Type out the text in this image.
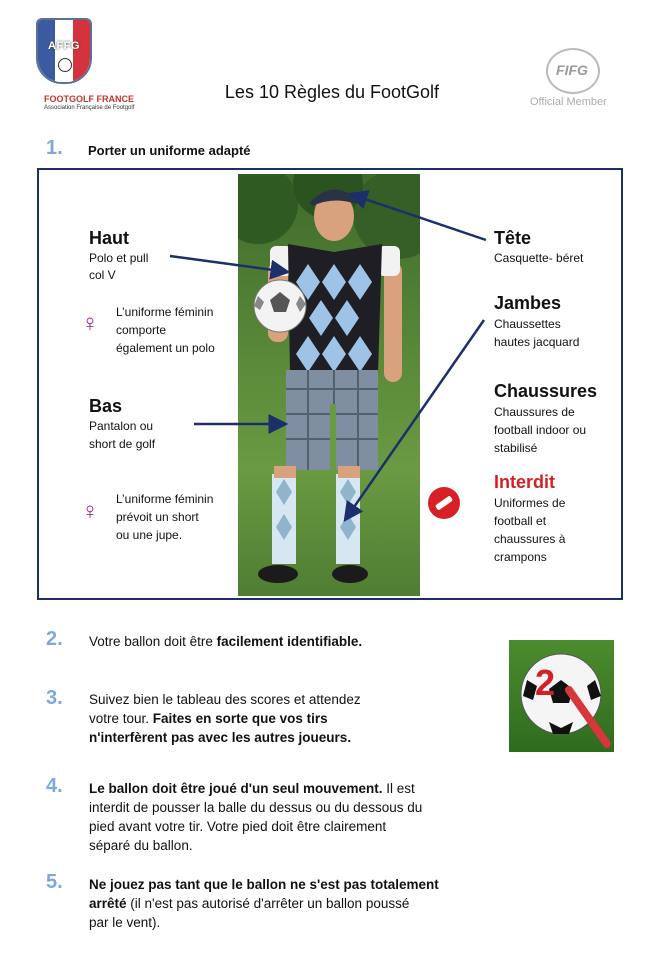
AFFG
FOOTGOLF FRANCE
Association Française de Footgolf
Les 10 Règles du FootGolf
FIFG
Official Member
1. Porter un uniforme adapté
Haut
Polo et pull
col V
♀ L’uniforme féminin
comporte
également un polo
Bas
Pantalon ou
short de golf
♀ L’uniforme féminin
prévoit un short
ou une jupe.
Tête
Casquette- béret
Jambes
Chaussettes
hautes jacquard
Chaussures
Chaussures de
football indoor ou
stabilisé
Interdit
Uniformes de
football et
chaussures à
crampons
2. Votre ballon doit être facilement identifiable.
2
3. Suivez bien le tableau des scores et attendez
votre tour. Faites en sorte que vos tirs
n'interfèrent pas avec les autres joueurs.
4. Le ballon doit être joué d'un seul mouvement. Il est
interdit de pousser la balle du dessus ou du dessous du
pied avant votre tir. Votre pied doit être clairement
séparé du ballon.
5. Ne jouez pas tant que le ballon ne s'est pas totalement
arrêté (il n'est pas autorisé d'arrêter un ballon poussé
par le vent).
